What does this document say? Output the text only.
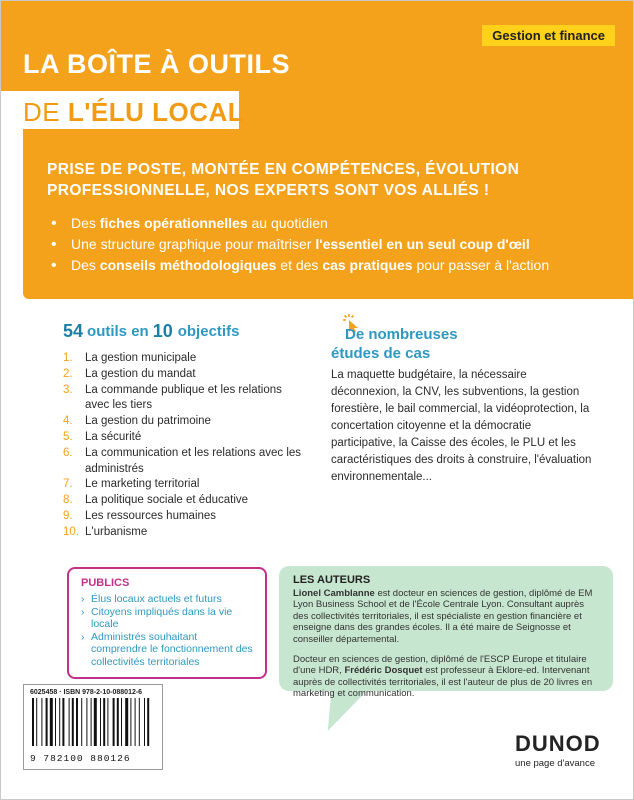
Gestion et finance
LA BOÎTE À OUTILS
DE L'ÉLU LOCAL
PRISE DE POSTE, MONTÉE EN COMPÉTENCES, ÉVOLUTION
PROFESSIONNELLE, NOS EXPERTS SONT VOS ALLIÉS !
• Des fiches opérationnelles au quotidien
• Une structure graphique pour maîtriser l'essentiel en un seul coup d'œil
• Des conseils méthodologiques et des cas pratiques pour passer à l'action
54 outils en 10 objectifs
1. La gestion municipale
2. La gestion du mandat
3. La commande publique et les relations avec les tiers
4. La gestion du patrimoine
5. La sécurité
6. La communication et les relations avec les administrés
7. Le marketing territorial
8. La politique sociale et éducative
9. Les ressources humaines
10. L'urbanisme
De nombreuses
études de cas
La maquette budgétaire, la nécessaire déconnexion, la CNV, les subventions, la gestion forestière, le bail commercial, la vidéoprotection, la concertation citoyenne et la démocratie participative, la Caisse des écoles, le PLU et les caractéristiques des droits à construire, l'évaluation environnementale...
PUBLICS
› Élus locaux actuels et futurs
› Citoyens impliqués dans la vie locale
› Administrés souhaitant comprendre le fonctionnement des collectivités territoriales
LES AUTEURS

Lionel Camblanne est docteur en sciences de gestion, diplômé de EM Lyon Business School et de l'École Centrale Lyon. Consultant auprès des collectivités territoriales, il est spécialiste en gestion financière et enseigne dans des grandes écoles. Il a été maire de Seignosse et conseiller départemental.

Docteur en sciences de gestion, diplômé de l'ESCP Europe et titulaire d'une HDR, Frédéric Dosquet est professeur à Eklore-ed. Intervenant auprès de collectivités territoriales, il est l'auteur de plus de 20 livres en marketing et communication.

6025458 · ISBN 978-2-10-088012-6
9 782100 880126
DUNOD
une page d'avance
